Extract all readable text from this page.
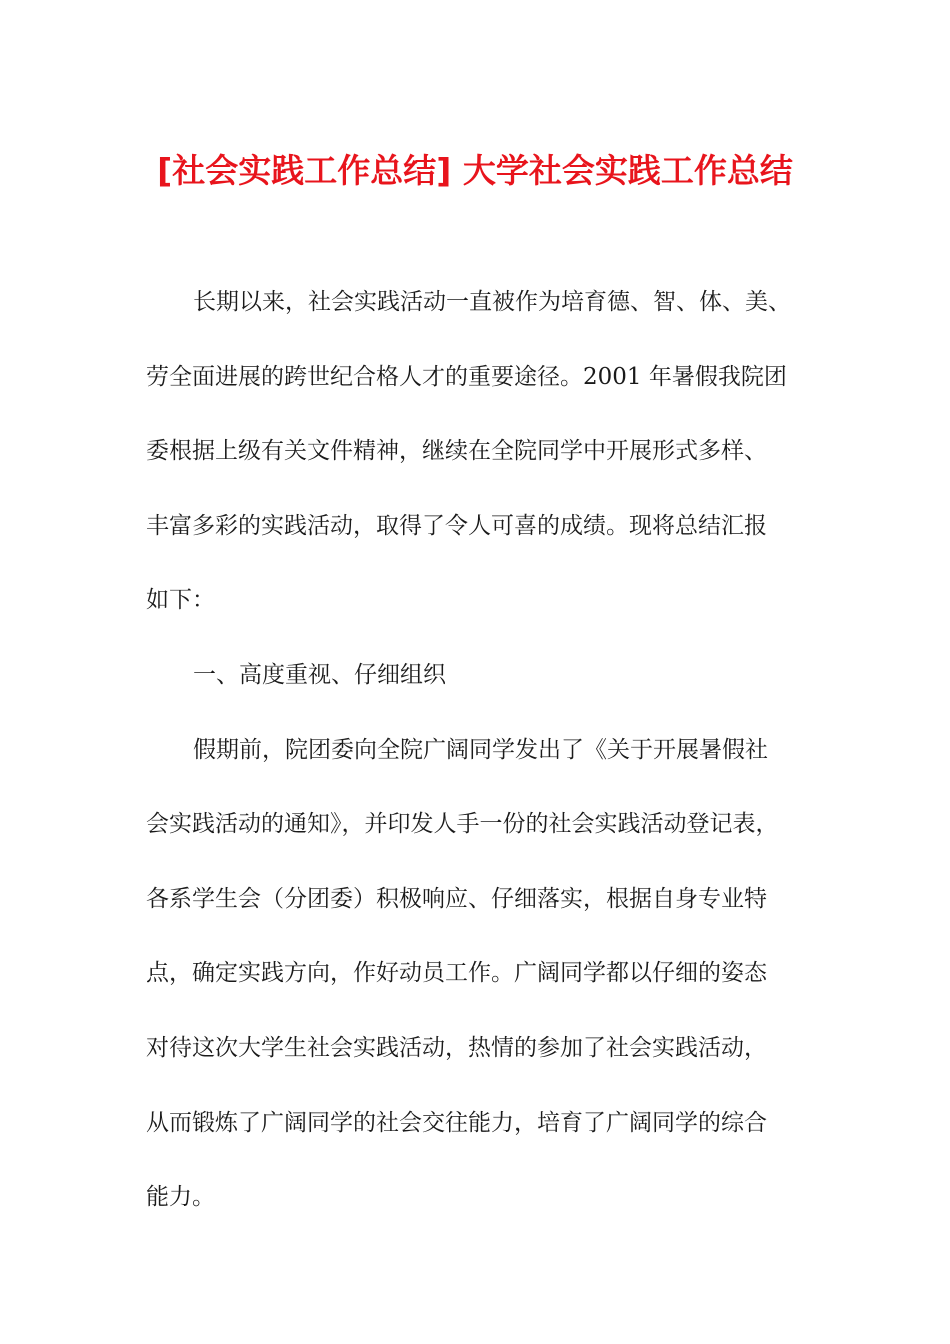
[社会实践工作总结] 大学社会实践工作总结
长期以来，社会实践活动一直被作为培育德、智、体、美、
劳全面进展的跨世纪合格人才的重要途径。2001 年暑假我院团
委根据上级有关文件精神，继续在全院同学中开展形式多样、
丰富多彩的实践活动，取得了令人可喜的成绩。现将总结汇报
如下：
一、高度重视、仔细组织
假期前，院团委向全院广阔同学发出了《关于开展暑假社
会实践活动的通知》，并印发人手一份的社会实践活动登记表，
各系学生会（分团委）积极响应、仔细落实，根据自身专业特
点，确定实践方向，作好动员工作。广阔同学都以仔细的姿态
对待这次大学生社会实践活动，热情的参加了社会实践活动，
从而锻炼了广阔同学的社会交往能力，培育了广阔同学的综合
能力。
